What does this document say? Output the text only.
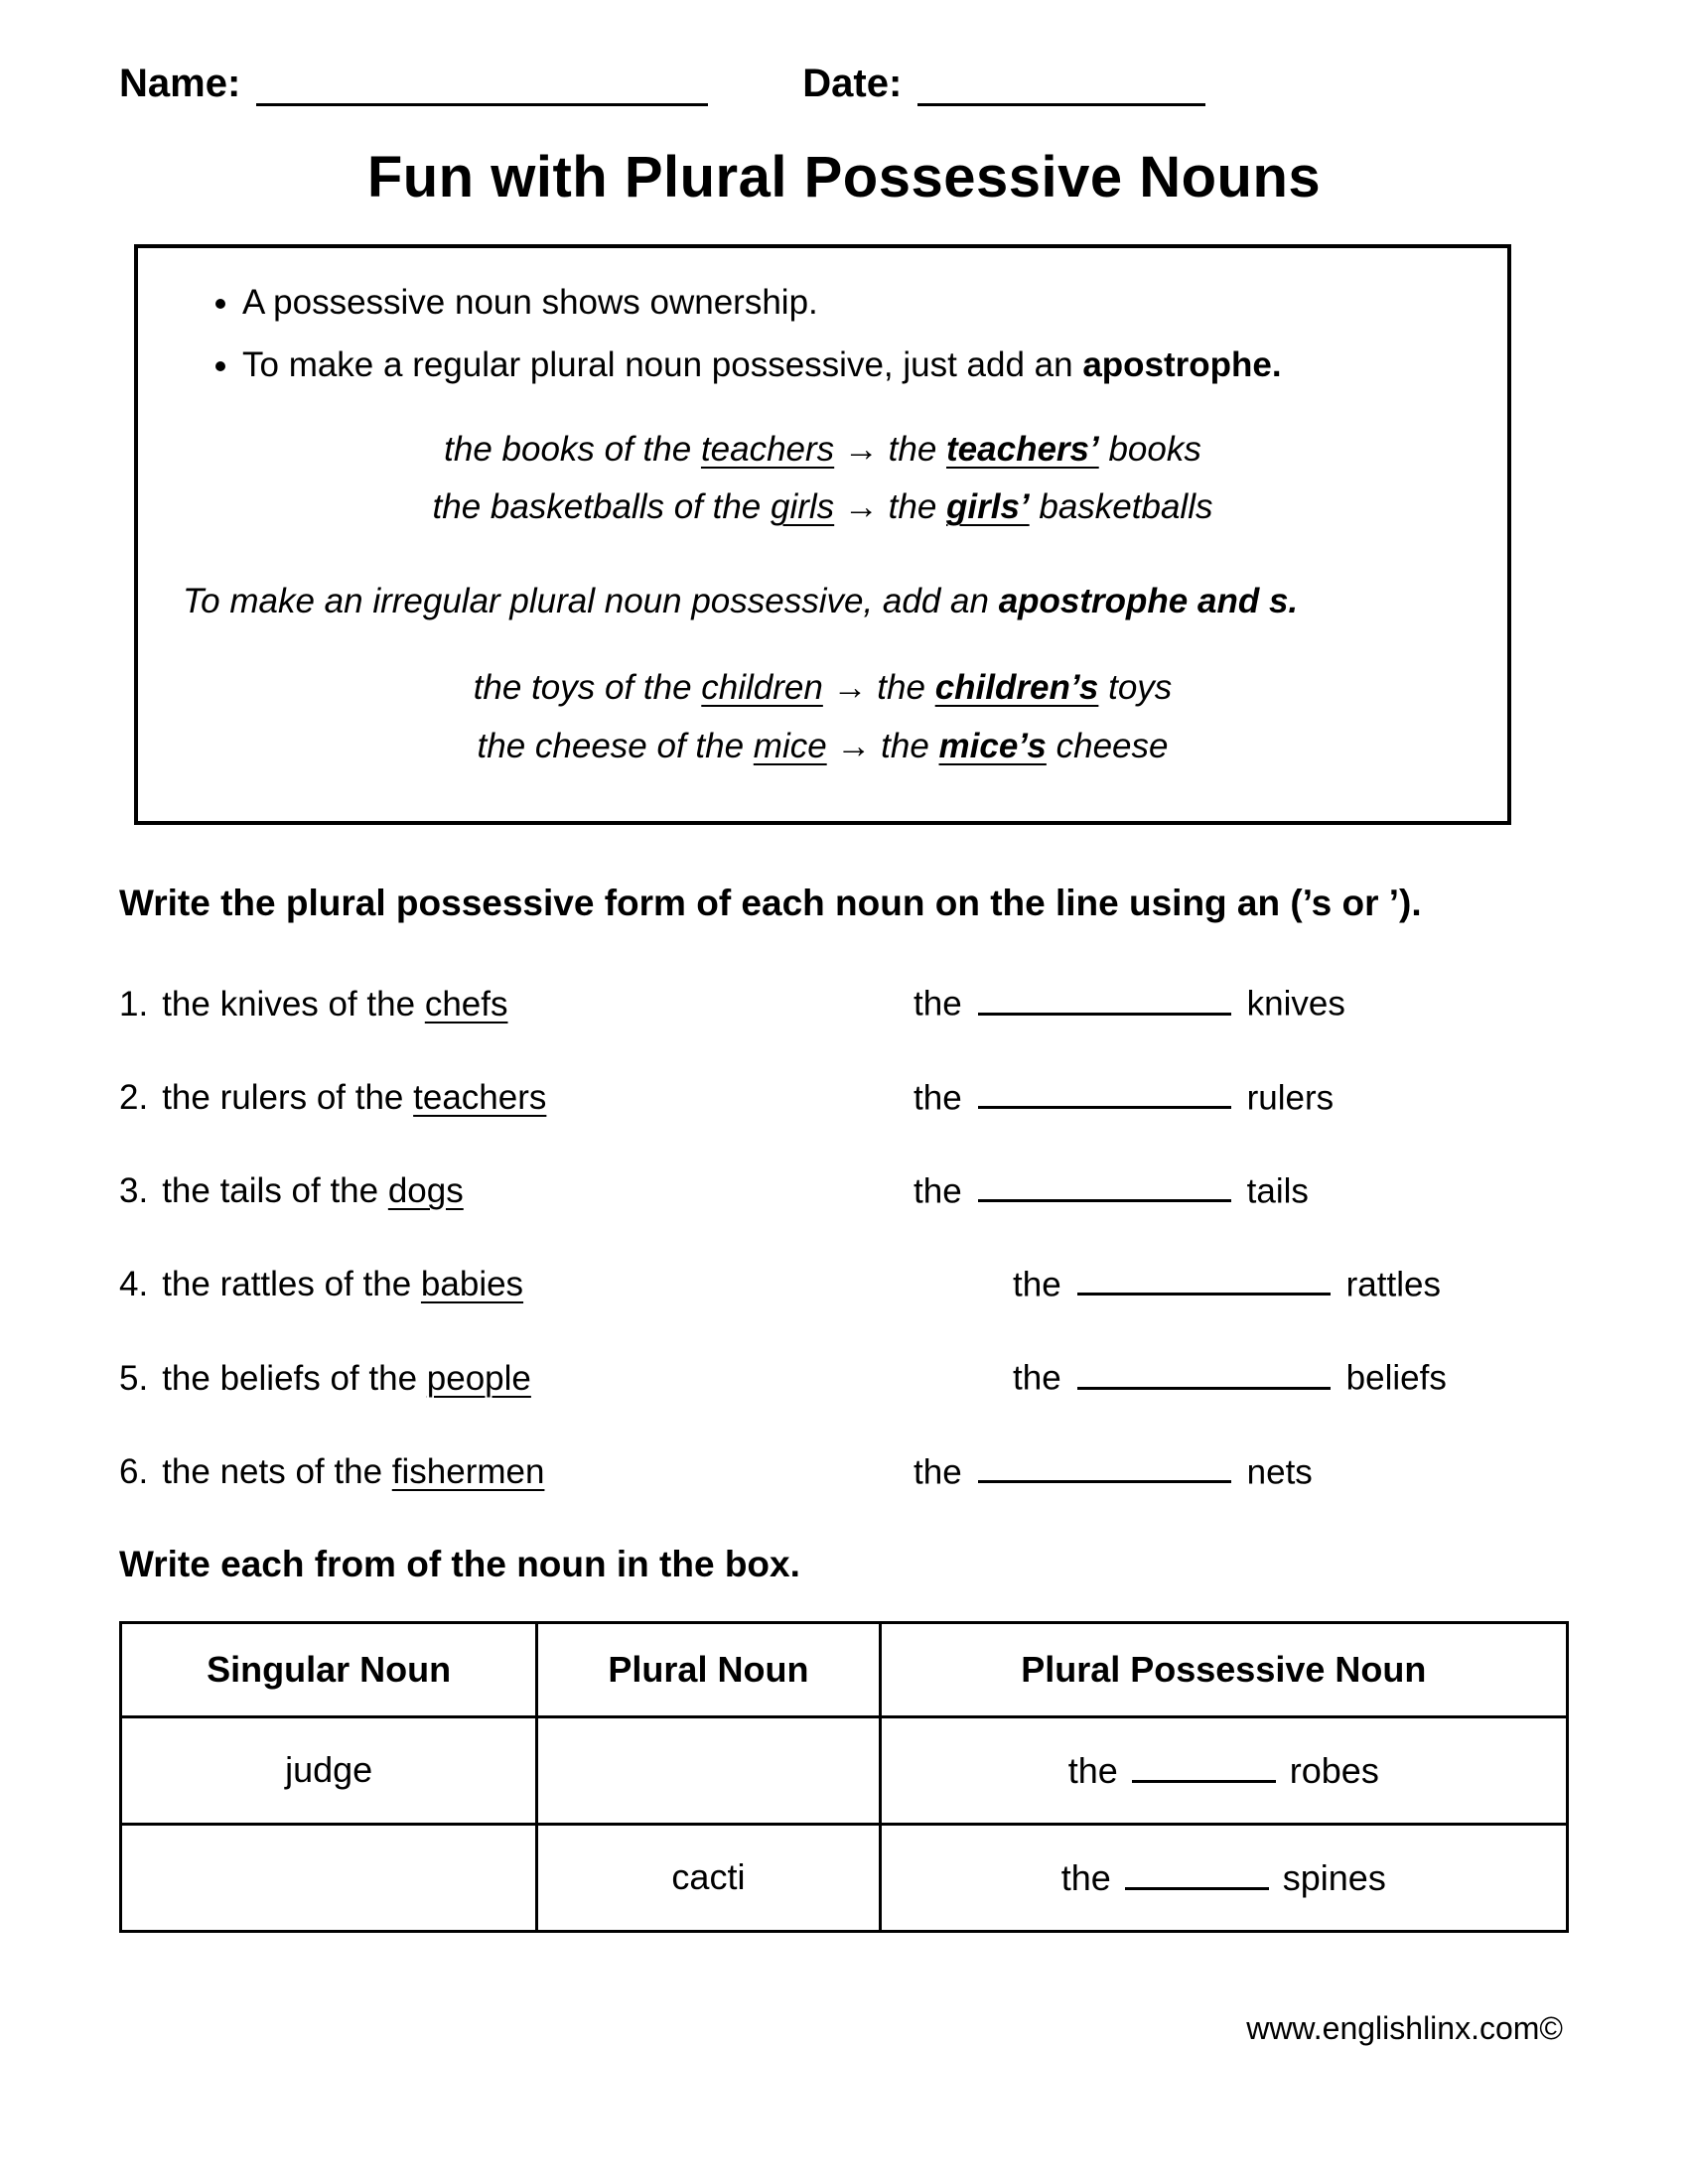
Name:	Date:
Fun with Plural Possessive Nouns
• A possessive noun shows ownership.
• To make a regular plural noun possessive, just add an apostrophe.
the books of the teachers → the teachers’ books
the basketballs of the girls → the girls’ basketballs
To make an irregular plural noun possessive, add an apostrophe and s.
the toys of the children → the children’s toys
the cheese of the mice → the mice’s cheese
Write the plural possessive form of each noun on the line using an (’s or ’).
1. the knives of the chefs	the	knives
2. the rulers of the teachers	the	rulers
3. the tails of the dogs	the	tails
4. the rattles of the babies	the	rattles
5. the beliefs of the people	the	beliefs
6. the nets of the fishermen	the	nets
Write each from of the noun in the box.
Singular Noun	Plural Noun	Plural Possessive Noun
judge		the robes
	cacti	the spines
www.englishlinx.com©
